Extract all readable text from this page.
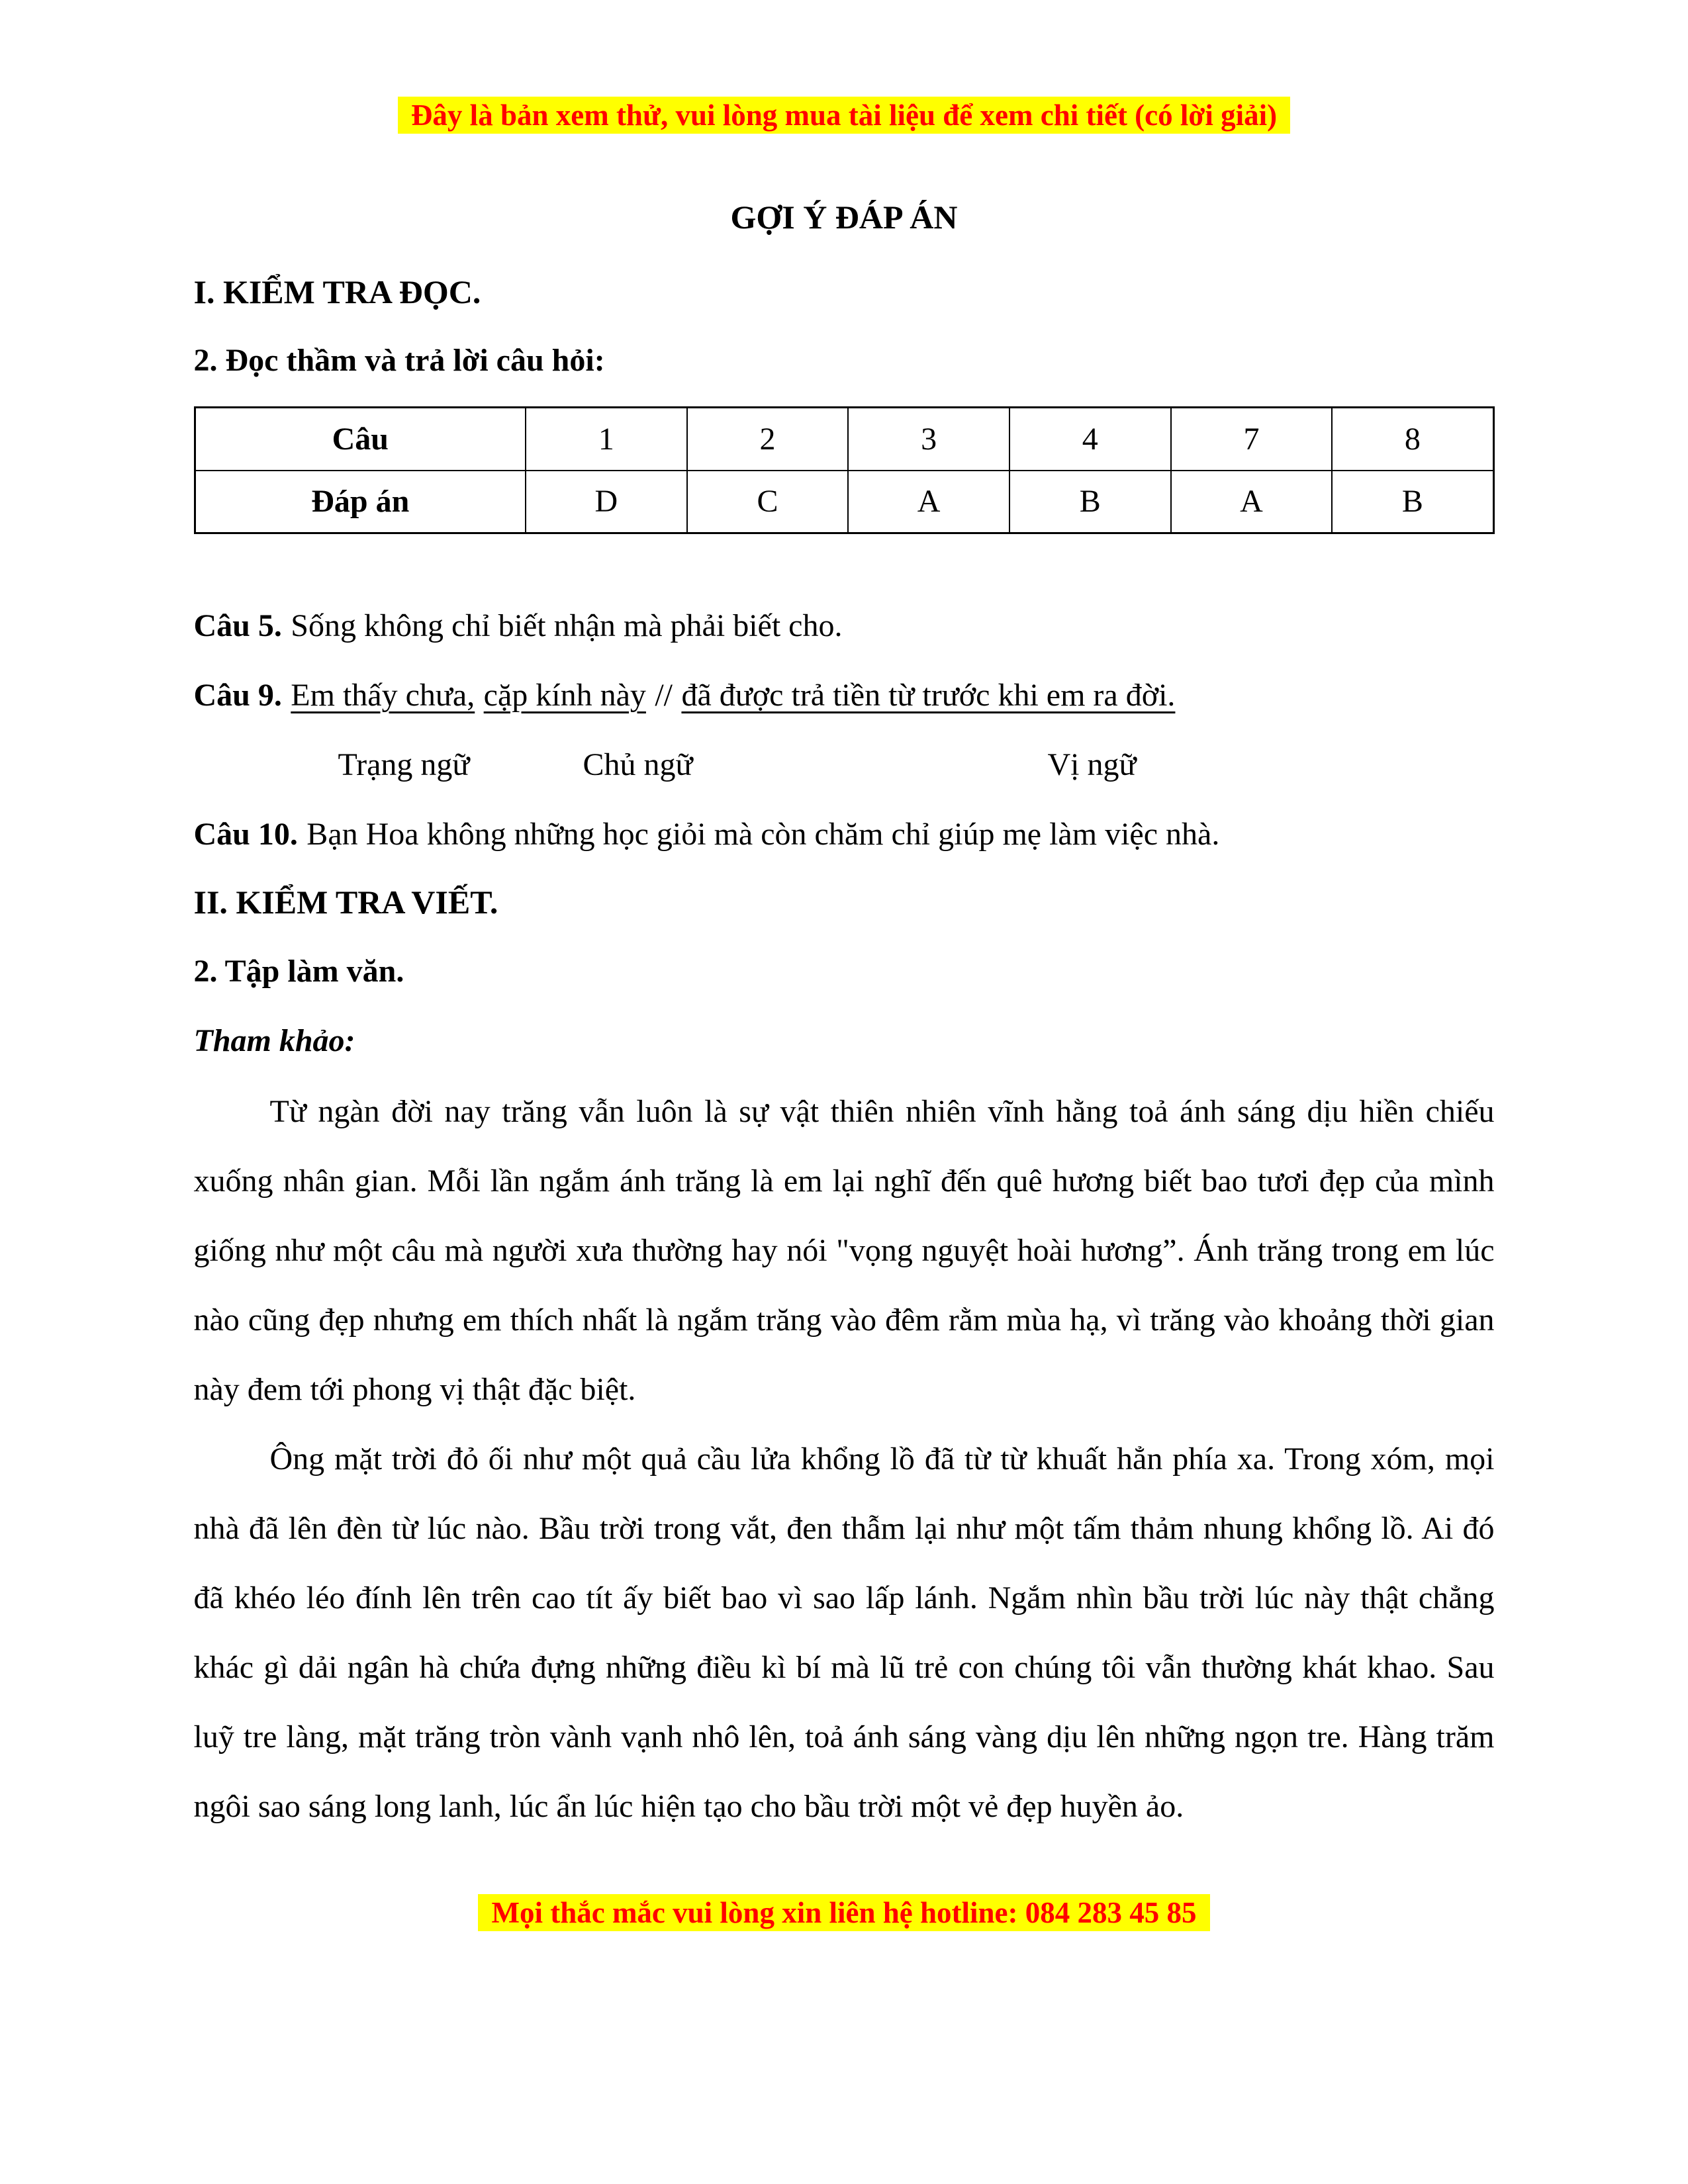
Đây là bản xem thử, vui lòng mua tài liệu để xem chi tiết (có lời giải)
GỢI Ý ĐÁP ÁN
I. KIỂM TRA ĐỌC.
2. Đọc thầm và trả lời câu hỏi:
Câu	1	2	3	4	7	8
Đáp án	D	C	A	B	A	B

Câu 5. Sống không chỉ biết nhận mà phải biết cho.

Câu 9. Em thấy chưa, cặp kính này // đã được trả tiền từ trước khi em ra đời.

Trạng ngữ	Chủ ngữ	Vị ngữ

Câu 10. Bạn Hoa không những học giỏi mà còn chăm chỉ giúp mẹ làm việc nhà.

II. KIỂM TRA VIẾT.
2. Tập làm văn.
Tham khảo:

Từ ngàn đời nay trăng vẫn luôn là sự vật thiên nhiên vĩnh hằng toả ánh sáng dịu hiền chiếu xuống nhân gian. Mỗi lần ngắm ánh trăng là em lại nghĩ đến quê hương biết bao tươi đẹp của mình giống như một câu mà người xưa thường hay nói "vọng nguyệt hoài hương”. Ánh trăng trong em lúc nào cũng đẹp nhưng em thích nhất là ngắm trăng vào đêm rằm mùa hạ, vì trăng vào khoảng thời gian này đem tới phong vị thật đặc biệt.

Ông mặt trời đỏ ối như một quả cầu lửa khổng lồ đã từ từ khuất hẳn phía xa. Trong xóm, mọi nhà đã lên đèn từ lúc nào. Bầu trời trong vắt, đen thẫm lại như một tấm thảm nhung khổng lồ. Ai đó đã khéo léo đính lên trên cao tít ấy biết bao vì sao lấp lánh. Ngắm nhìn bầu trời lúc này thật chẳng khác gì dải ngân hà chứa đựng những điều kì bí mà lũ trẻ con chúng tôi vẫn thường khát khao. Sau luỹ tre làng, mặt trăng tròn vành vạnh nhô lên, toả ánh sáng vàng dịu lên những ngọn tre. Hàng trăm ngôi sao sáng long lanh, lúc ẩn lúc hiện tạo cho bầu trời một vẻ đẹp huyền ảo.

Mọi thắc mắc vui lòng xin liên hệ hotline: 084 283 45 85
